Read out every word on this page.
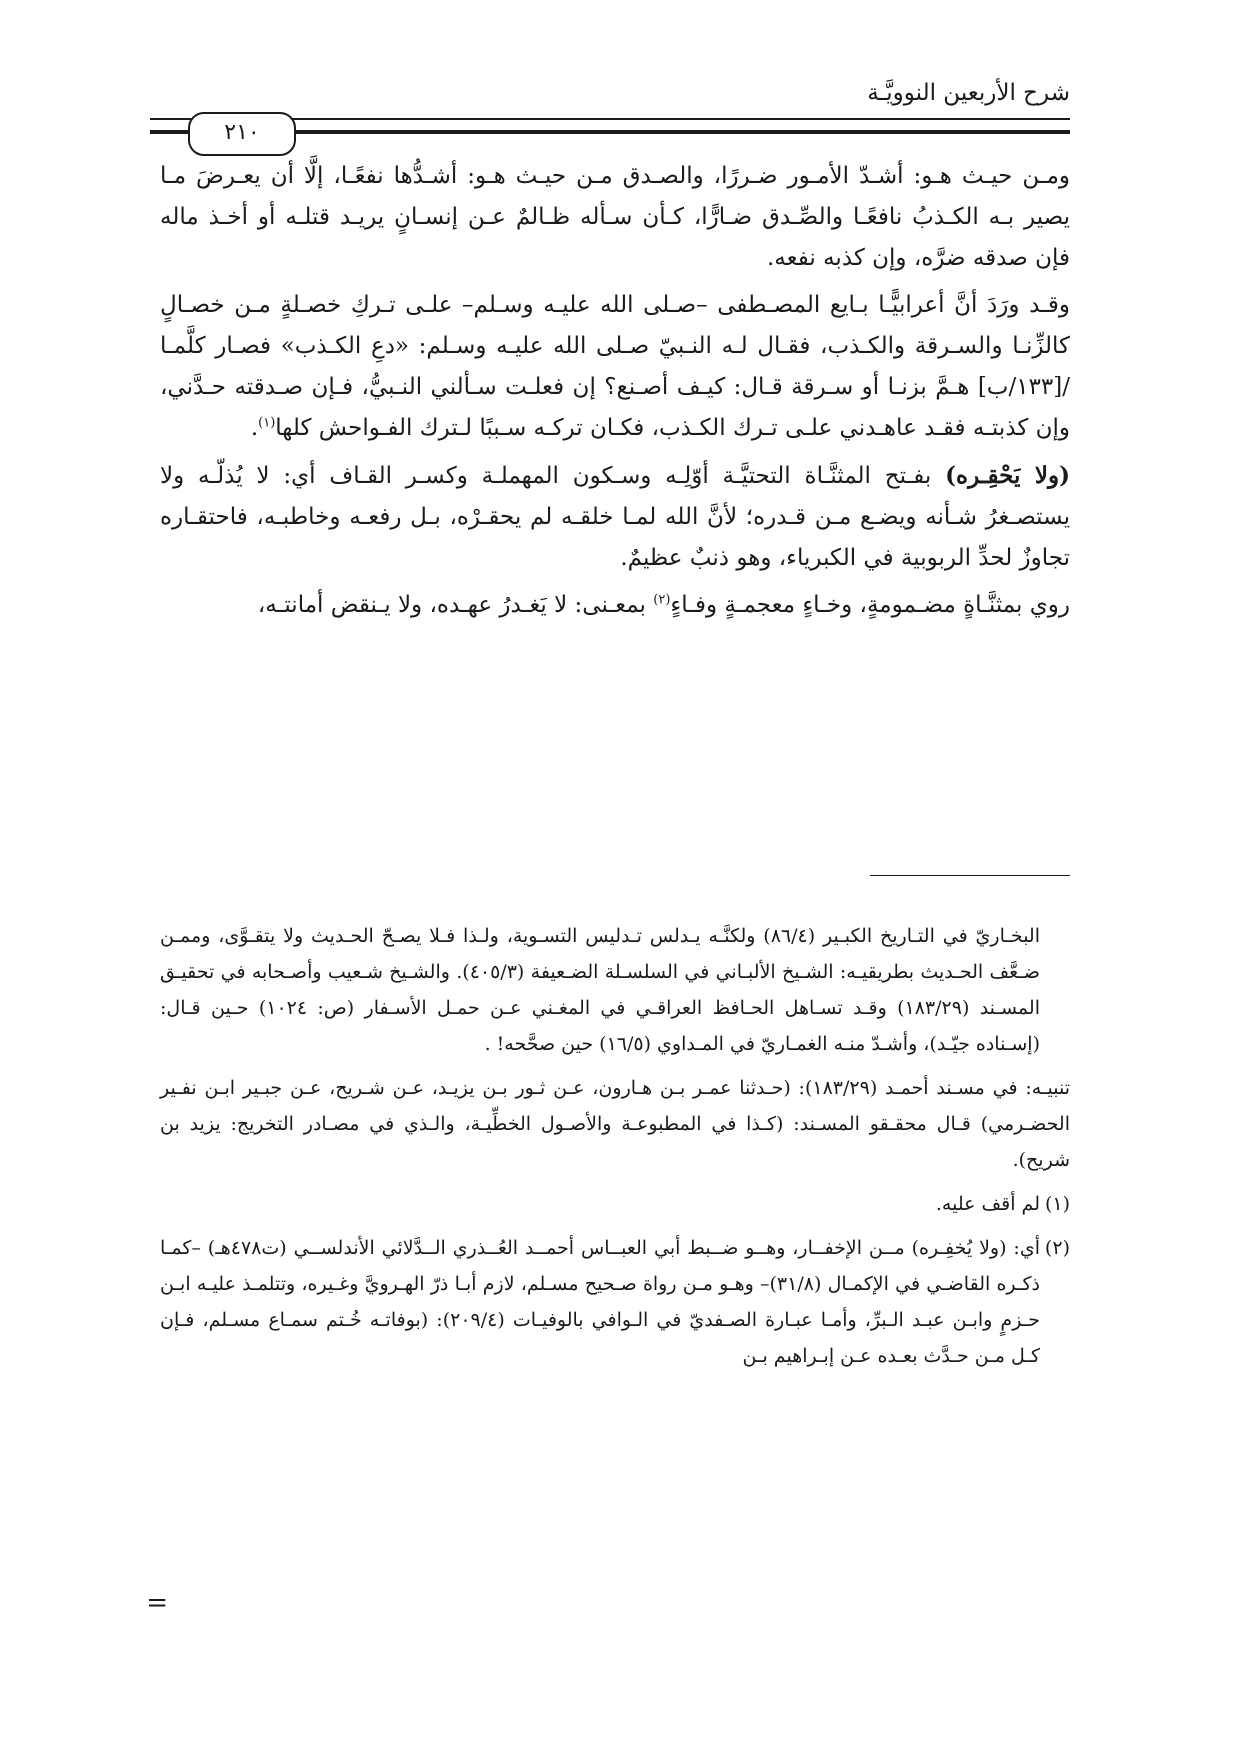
شرح الأربعين النوويَّـة
٢١٠

ومـن حيـث هـو: أشـدّ الأمـور ضـررًا، والصـدق مـن حيـث هـو: أشـدُّها نفعًـا، إلَّا أن يعـرضَ مـا يصير بـه الكـذبُ نافعًـا والصِّـدق ضـارًّا، كـأن سـأله ظـالمٌ عـن إنسـانٍ يريـد قتلـه أو أخـذ ماله فإن صدقه ضرَّه، وإن كذبه نفعه.

وقـد ورَدَ أنَّ أعرابيًّـا بـايع المصـطفى –صـلى الله عليـه وسـلم– علـى تـركِ خصـلةٍ مـن خصـالٍ كالزِّنـا والسـرقة والكـذب، فقـال لـه النـبيّ صـلى الله عليـه وسـلم: «دعِ الكـذب» فصـار كلَّمـا /[١٣٣/ب] هـمَّ بزنـا أو سـرقة قـال: كيـف أصـنع؟ إن فعلـت سـألني النـبيُّ، فـإن صـدقته حـدَّني، وإن كذبتـه فقـد عاهـدني علـى تـرك الكـذب، فكـان تركـه سـببًا لـترك الفـواحش كلها$^{(١)}$.

(ولا يَحْقِـره) بفـتح المثنَّـاة التحتيَّـة أوّلِـه وسـكون المهملـة وكسـر القـاف أي: لا يُذلّـه ولا يستصـغرُ شـأنه ويضـع مـن قـدره؛ لأنَّ الله لمـا خلقـه لم يحقـرْه، بـل رفعـه وخاطبـه، فاحتقـاره تجاوزٌ لحدِّ الربوبية في الكبرياء، وهو ذنبٌ عظيمٌ.

روي بمثنَّـاةٍ مضـمومةٍ، وخـاءٍ معجمـةٍ وفـاءٍ$^{(٢)}$ بمعـنى: لا يَغـدرُ عهـده، ولا يـنقض أمانتـه،

البخـاريّ في التـاريخ الكبـير (٨٦/٤) ولكنَّـه يـدلس تـدليس التسـوية، ولـذا فـلا يصـحّ الحـديث ولا يتقـوَّى، وممـن ضـعَّف الحـديث بطريقيـه: الشـيخ الألبـاني في السلسـلة الضـعيفة (٤٠٥/٣). والشـيخ شـعيب وأصـحابه في تحقيـق المسـند (١٨٣/٢٩) وقـد تسـاهل الحـافظ العراقـي في المغـني عـن حمـل الأسـفار (ص: ١٠٢٤) حـين قـال: (إسـناده جيّـد)، وأشـدّ منـه الغمـاريّ في المـداوي (١٦/٥) حين صحَّحه! .

تنبيـه: في مسـند أحمـد (١٨٣/٢٩): (حـدثنا عمـر بـن هـارون، عـن ثـور بـن يزيـد، عـن شـريح، عـن جبـير ابـن نفـير الحضـرمي) قـال محقـقو المسـند: (كـذا في المطبوعـة والأصـول الخطِّيـة، والـذي في مصـادر التخريج: يزيد بن شريح).

(١)لم أقف عليه.

(٢)أي: (ولا يُخفِـره) مــن الإخفــار، وهــو ضــبط أبي العبــاس أحمــد العُــذري الــدَّلائي الأندلســي (ت٤٧٨هـ) –كمـا ذكـره القاضـي في الإكمـال (٣١/٨)– وهـو مـن رواة صـحيح مسـلم، لازم أبـا ذرّ الهـرويَّ وغـيره، وتتلمـذ عليـه ابـن حـزمٍ وابـن عبـد الـبرِّ، وأمـا عبـارة الصـفديّ في الـوافي بالوفيـات (٢٠٩/٤): (بوفاتـه خُـتم سمـاع مسـلم، فـإن كـل مـن حـدَّث بعـده عـن إبـراهيم بـن

=
